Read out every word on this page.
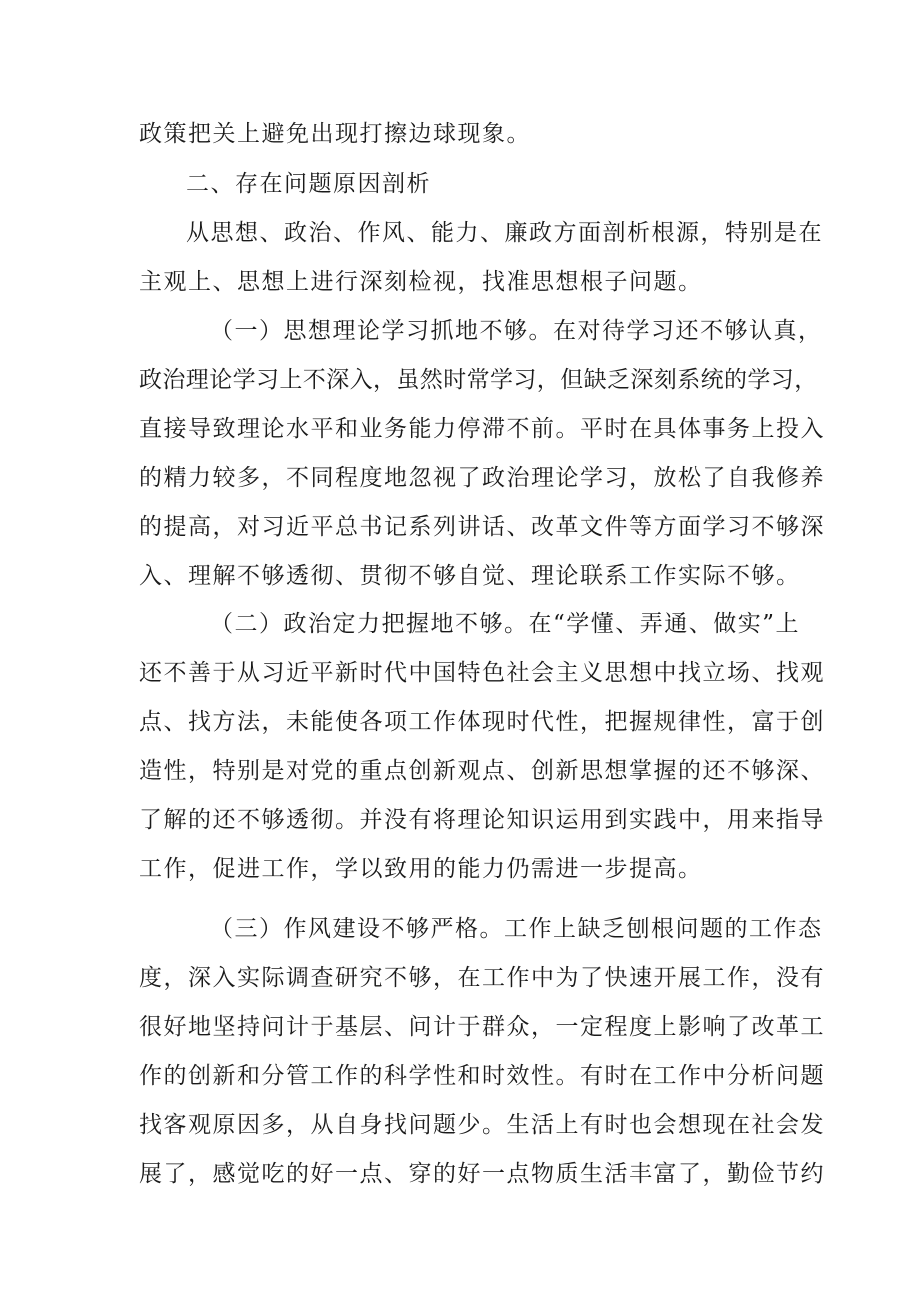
政策把关上避免出现打擦边球现象。
二、存在问题原因剖析
从思想、政治、作风、能力、廉政方面剖析根源，特别是在
主观上、思想上进行深刻检视，找准思想根子问题。
（一）思想理论学习抓地不够。在对待学习还不够认真，
政治理论学习上不深入，虽然时常学习，但缺乏深刻系统的学习，
直接导致理论水平和业务能力停滞不前。平时在具体事务上投入
的精力较多，不同程度地忽视了政治理论学习，放松了自我修养
的提高，对习近平总书记系列讲话、改革文件等方面学习不够深
入、理解不够透彻、贯彻不够自觉、理论联系工作实际不够。
（二）政治定力把握地不够。在“学懂、弄通、做实”上
还不善于从习近平新时代中国特色社会主义思想中找立场、找观
点、找方法，未能使各项工作体现时代性，把握规律性，富于创
造性，特别是对党的重点创新观点、创新思想掌握的还不够深、
了解的还不够透彻。并没有将理论知识运用到实践中，用来指导
工作，促进工作，学以致用的能力仍需进一步提高。
（三）作风建设不够严格。工作上缺乏刨根问题的工作态
度，深入实际调查研究不够，在工作中为了快速开展工作，没有
很好地坚持问计于基层、问计于群众，一定程度上影响了改革工
作的创新和分管工作的科学性和时效性。有时在工作中分析问题
找客观原因多，从自身找问题少。生活上有时也会想现在社会发
展了，感觉吃的好一点、穿的好一点物质生活丰富了，勤俭节约
